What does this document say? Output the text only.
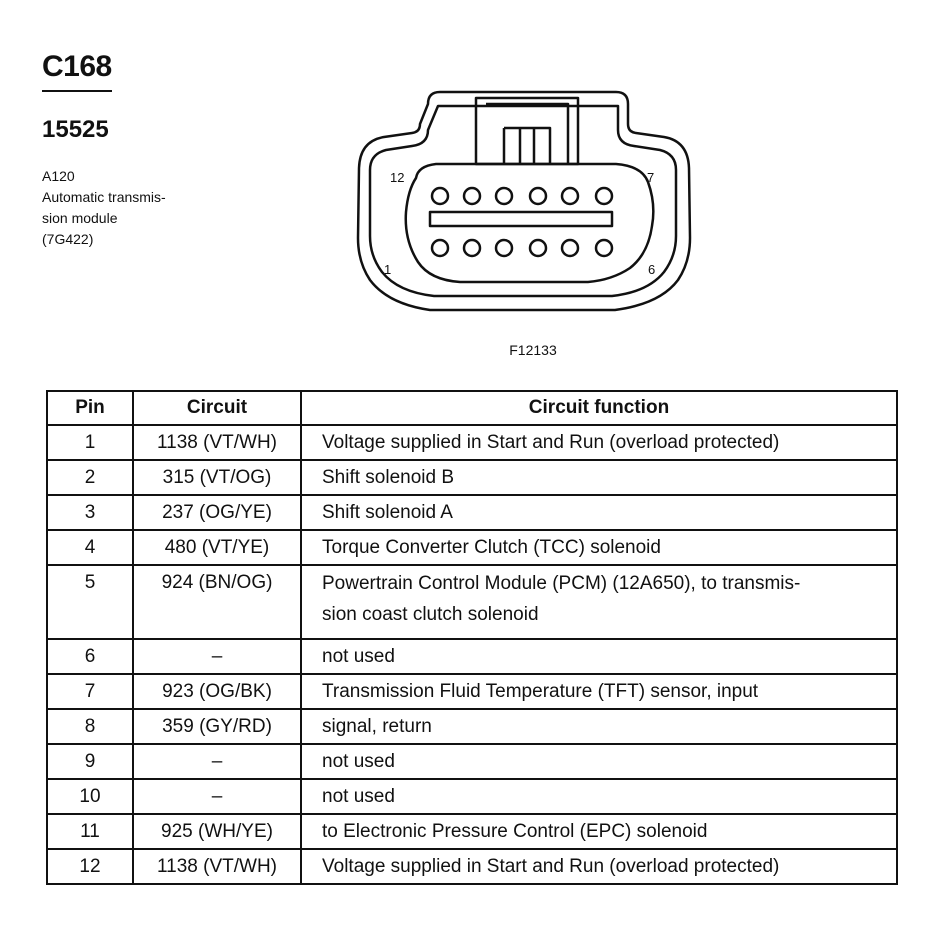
C168
15525
A120
Automatic transmis-
sion module
(7G422)
12	7
1	6
F12133
Pin	Circuit	Circuit function
1	1138 (VT/WH)	Voltage supplied in Start and Run (overload protected)
2	315 (VT/OG)	Shift solenoid B
3	237 (OG/YE)	Shift solenoid A
4	480 (VT/YE)	Torque Converter Clutch (TCC) solenoid
5	924 (BN/OG)	Powertrain Control Module (PCM) (12A650), to transmis-
sion coast clutch solenoid

6	–	not used
7	923 (OG/BK)	Transmission Fluid Temperature (TFT) sensor, input
8	359 (GY/RD)	signal, return
9	–	not used
10	–	not used
11	925 (WH/YE)	to Electronic Pressure Control (EPC) solenoid
12	1138 (VT/WH)	Voltage supplied in Start and Run (overload protected)
